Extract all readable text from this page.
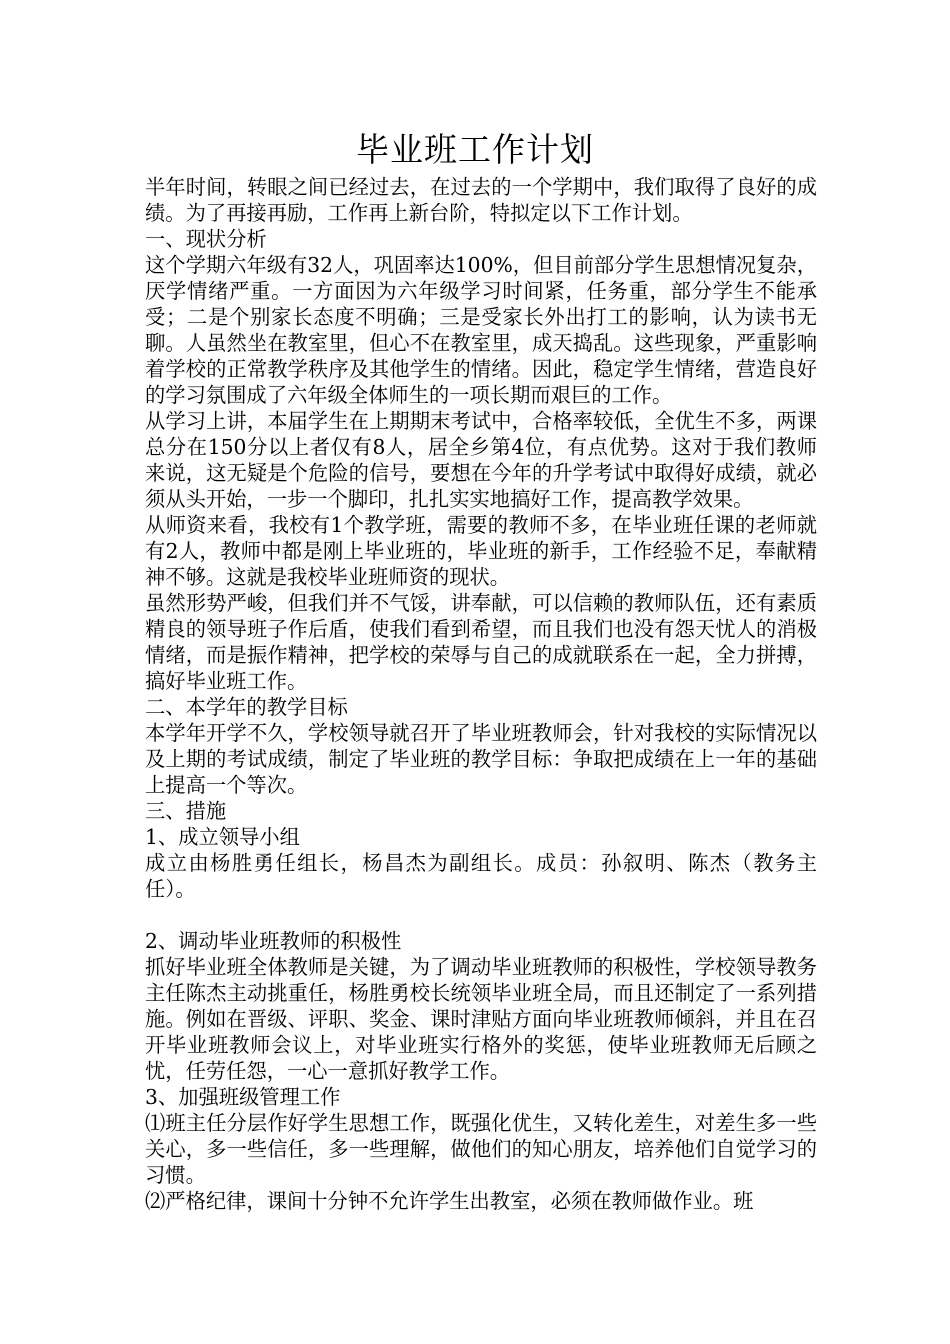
毕业班工作计划

半年时间，转眼之间已经过去，在过去的一个学期中，我们取得了良好的成绩。为了再接再励，工作再上新台阶，特拟定以下工作计划。

一、现状分析

这个学期六年级有32人，巩固率达100%，但目前部分学生思想情况复杂，厌学情绪严重。一方面因为六年级学习时间紧，任务重，部分学生不能承受；二是个别家长态度不明确；三是受家长外出打工的影响，认为读书无聊。人虽然坐在教室里，但心不在教室里，成天捣乱。这些现象，严重影响着学校的正常教学秩序及其他学生的情绪。因此，稳定学生情绪，营造良好的学习氛围成了六年级全体师生的一项长期而艰巨的工作。

从学习上讲，本届学生在上期期末考试中，合格率较低，全优生不多，两课总分在150分以上者仅有8人，居全乡第4位，有点优势。这对于我们教师来说，这无疑是个危险的信号，要想在今年的升学考试中取得好成绩，就必须从头开始，一步一个脚印，扎扎实实地搞好工作，提高教学效果。

从师资来看，我校有1个教学班，需要的教师不多，在毕业班任课的老师就有2人，教师中都是刚上毕业班的，毕业班的新手，工作经验不足，奉献精神不够。这就是我校毕业班师资的现状。

虽然形势严峻，但我们并不气馁，讲奉献，可以信赖的教师队伍，还有素质精良的领导班子作后盾，使我们看到希望，而且我们也没有怨天忧人的消极情绪，而是振作精神，把学校的荣辱与自己的成就联系在一起，全力拼搏，搞好毕业班工作。

二、本学年的教学目标

本学年开学不久，学校领导就召开了毕业班教师会，针对我校的实际情况以及上期的考试成绩，制定了毕业班的教学目标：争取把成绩在上一年的基础上提高一个等次。

三、措施

1、成立领导小组

成立由杨胜勇任组长，杨昌杰为副组长。成员：孙叙明、陈杰（教务主任）。

2、调动毕业班教师的积极性

抓好毕业班全体教师是关键，为了调动毕业班教师的积极性，学校领导教务主任陈杰主动挑重任，杨胜勇校长统领毕业班全局，而且还制定了一系列措施。例如在晋级、评职、奖金、课时津贴方面向毕业班教师倾斜，并且在召开毕业班教师会议上，对毕业班实行格外的奖惩，使毕业班教师无后顾之忧，任劳任怨，一心一意抓好教学工作。

3、加强班级管理工作

⑴班主任分层作好学生思想工作，既强化优生，又转化差生，对差生多一些关心，多一些信任，多一些理解，做他们的知心朋友，培养他们自觉学习的习惯。

⑵严格纪律，课间十分钟不允许学生出教室，必须在教师做作业。班
